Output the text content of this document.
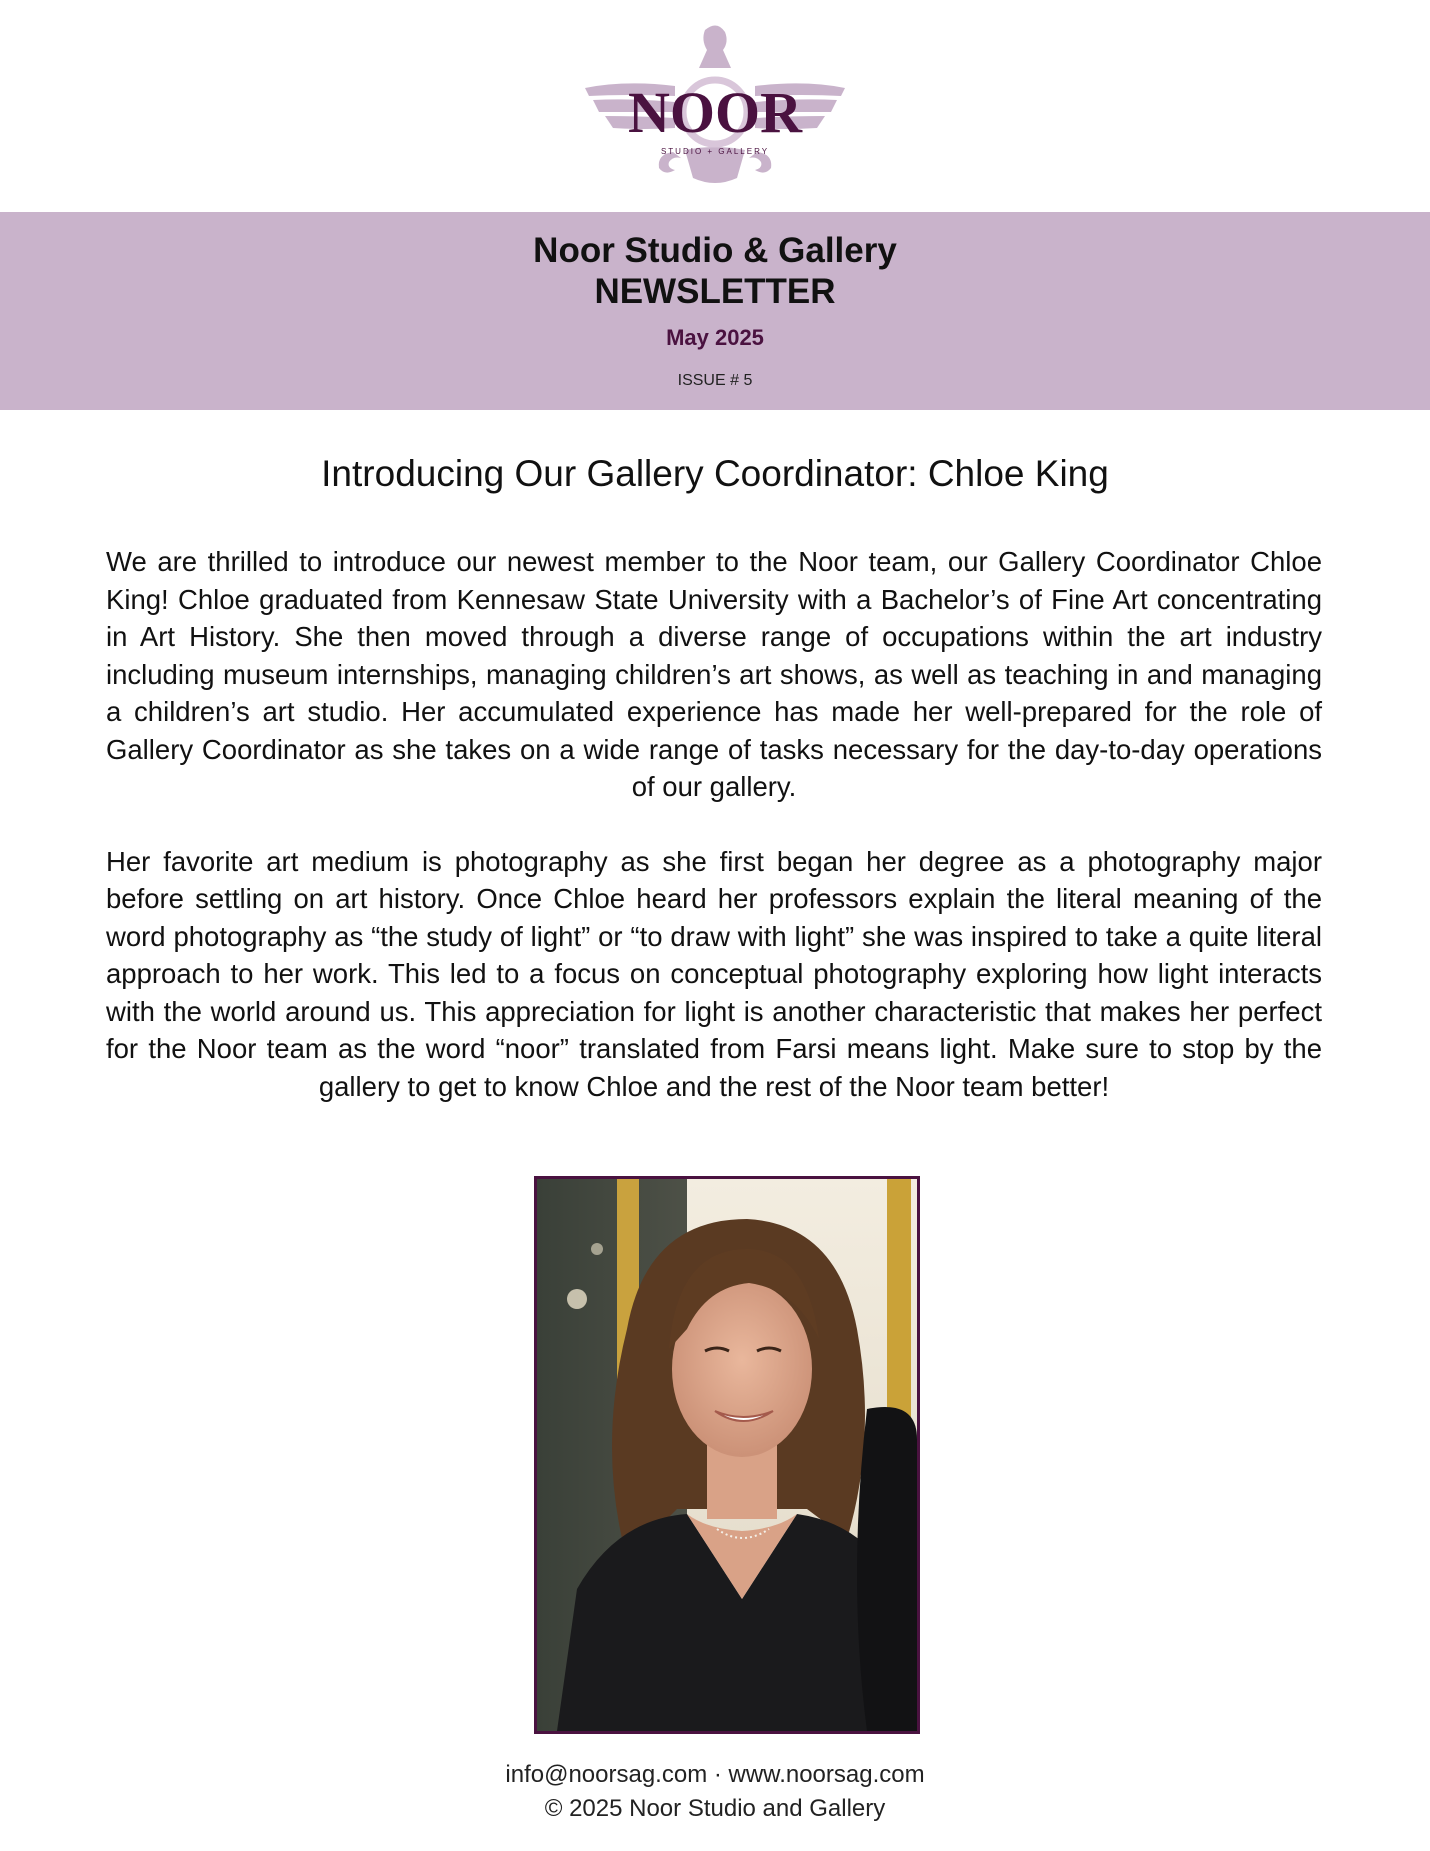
NOOR
STUDIO + GALLERY
Noor Studio & Gallery
NEWSLETTER
May 2025
ISSUE # 5
Introducing Our Gallery Coordinator: Chloe King

We are thrilled to introduce our newest member to the Noor team, our Gallery Coordinator Chloe King! Chloe graduated from Kennesaw State University with a Bachelor’s of Fine Art concentrating in Art History. She then moved through a diverse range of occupations within the art industry including museum internships, managing children’s art shows, as well as teaching in and managing a children’s art studio. Her accumulated experience has made her well-prepared for the role of Gallery Coordinator as she takes on a wide range of tasks necessary for the day-to-day operations of our gallery.

Her favorite art medium is photography as she first began her degree as a photography major before settling on art history. Once Chloe heard her professors explain the literal meaning of the word photography as “the study of light” or “to draw with light” she was inspired to take a quite literal approach to her work. This led to a focus on conceptual photography exploring how light interacts with the world around us. This appreciation for light is another characteristic that makes her perfect for the Noor team as the word “noor” translated from Farsi means light. Make sure to stop by the gallery to get to know Chloe and the rest of the Noor team better!

info@noorsag.com · www.noorsag.com
© 2025 Noor Studio and Gallery
